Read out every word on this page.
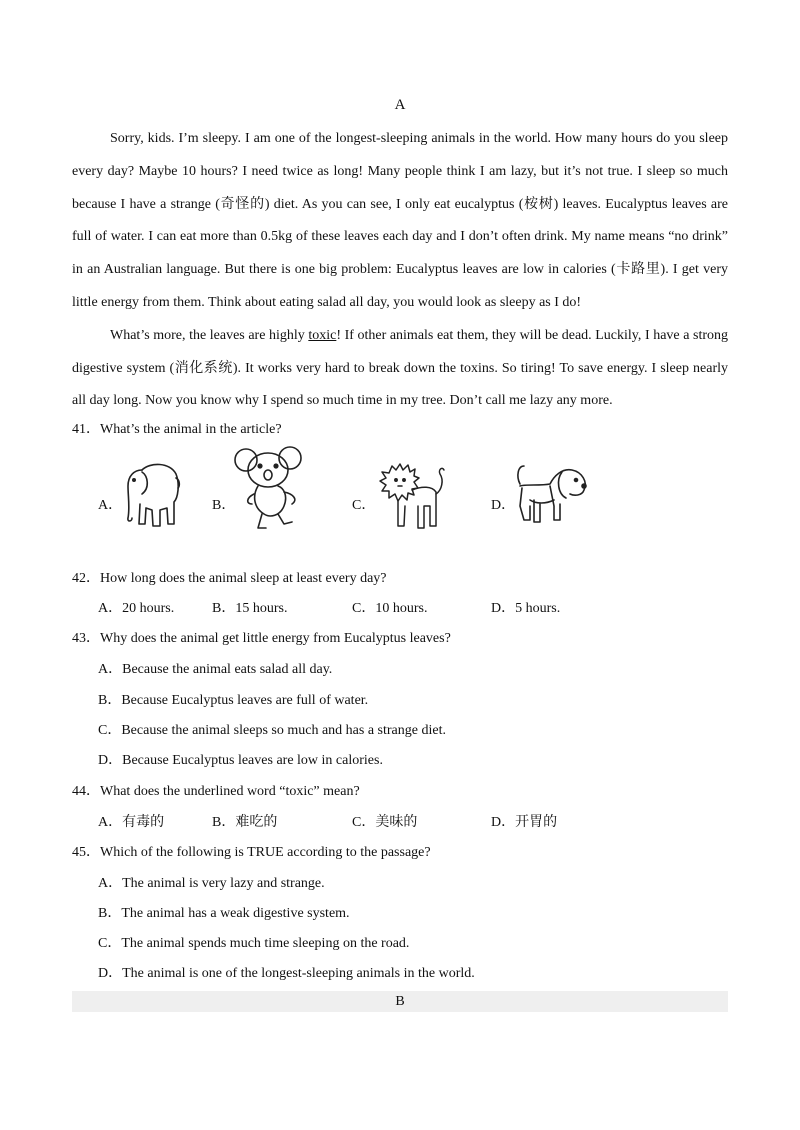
A

Sorry, kids. I’m sleepy. I am one of the longest-sleeping animals in the world. How many hours do you sleep every day? Maybe 10 hours? I need twice as long! Many people think I am lazy, but it’s not true. I sleep so much because I have a strange (奇怪的) diet. As you can see, I only eat eucalyptus (桉树) leaves. Eucalyptus leaves are full of water. I can eat more than 0.5kg of these leaves each day and I don’t often drink. My name means “no drink” in an Australian language. But there is one big problem: Eucalyptus leaves are low in calories (卡路里). I get very little energy from them. Think about eating salad all day, you would look as sleepy as I do!

What’s more, the leaves are highly toxic! If other animals eat them, they will be dead. Luckily, I have a strong digestive system (消化系统). It works very hard to break down the toxins. So tiring! To save energy. I sleep nearly all day long. Now you know why I spend so much time in my tree. Don’t call me lazy any more.

41．What’s the animal in the article?
A．	B．	C．	D．
42．How long does the animal sleep at least every day?
A．20 hours.	B．15 hours.	C．10 hours.	D．5 hours.
43．Why does the animal get little energy from Eucalyptus leaves?
A．Because the animal eats salad all day.
B．Because Eucalyptus leaves are full of water.
C．Because the animal sleeps so much and has a strange diet.
D．Because Eucalyptus leaves are low in calories.
44．What does the underlined word “toxic” mean?
A．有毒的	B．难吃的	C．美味的	D．开胃的
45．Which of the following is TRUE according to the passage?
A．The animal is very lazy and strange.
B．The animal has a weak digestive system.
C．The animal spends much time sleeping on the road.
D．The animal is one of the longest-sleeping animals in the world.
B
